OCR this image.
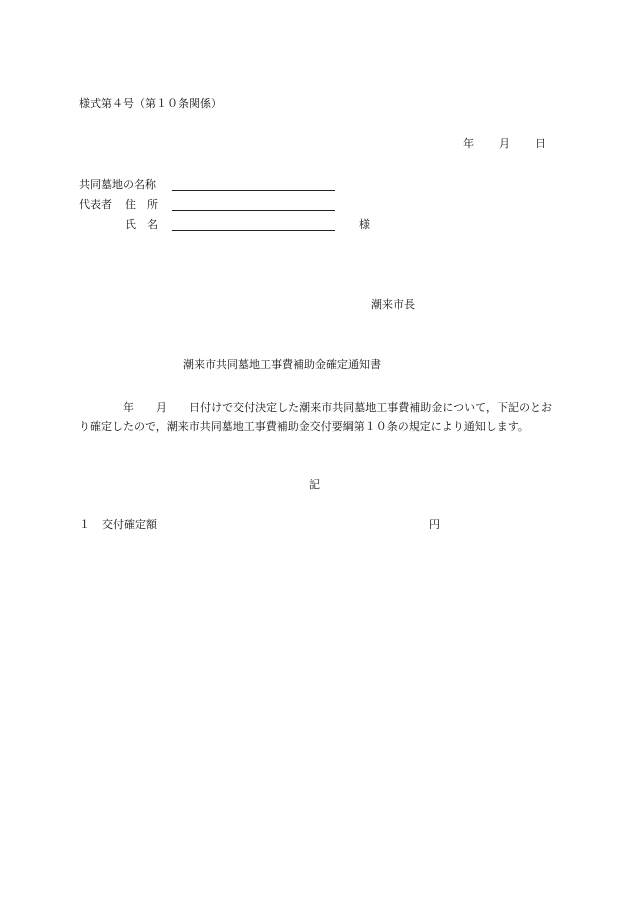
様式第４号（第１０条関係）
年 月 日
共同墓地の名称
代表者 住　所
氏　名	様
潮来市長
潮来市共同墓地工事費補助金確定通知書
年 月 日付けで交付決定した潮来市共同墓地工事費補助金について，下記のとおり確定したので，潮来市共同墓地工事費補助金交付要綱第１０条の規定により通知します。
記
１ 交付確定額	円
